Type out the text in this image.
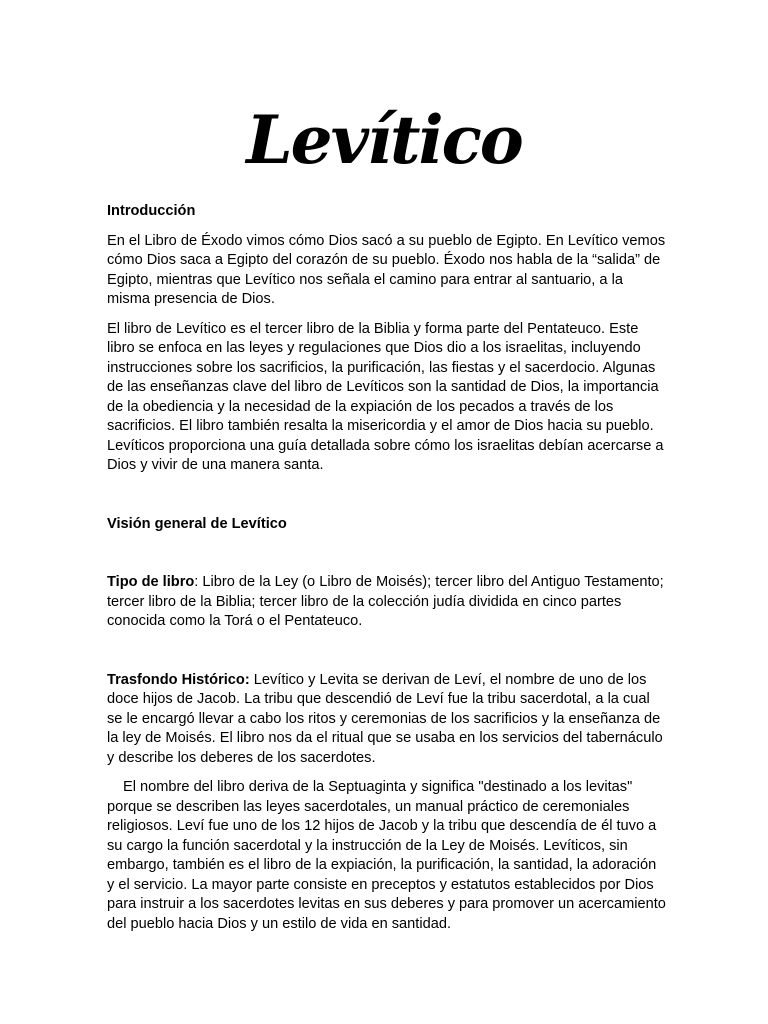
Levítico

Introducción

En el Libro de Éxodo vimos cómo Dios sacó a su pueblo de Egipto. En Levítico vemos cómo Dios saca a Egipto del corazón de su pueblo. Éxodo nos habla de la “salida” de Egipto, mientras que Levítico nos señala el camino para entrar al santuario, a la misma presencia de Dios.

El libro de Levítico es el tercer libro de la Biblia y forma parte del Pentateuco. Este libro se enfoca en las leyes y regulaciones que Dios dio a los israelitas, incluyendo instrucciones sobre los sacrificios, la purificación, las fiestas y el sacerdocio. Algunas de las enseñanzas clave del libro de Levíticos son la santidad de Dios, la importancia de la obediencia y la necesidad de la expiación de los pecados a través de los sacrificios. El libro también resalta la misericordia y el amor de Dios hacia su pueblo. Levíticos proporciona una guía detallada sobre cómo los israelitas debían acercarse a Dios y vivir de una manera santa.

Visión general de Levítico

Tipo de libro: Libro de la Ley (o Libro de Moisés); tercer libro del Antiguo Testamento; tercer libro de la Biblia; tercer libro de la colección judía dividida en cinco partes conocida como la Torá o el Pentateuco.

Trasfondo Histórico: Levítico y Levita se derivan de Leví, el nombre de uno de los doce hijos de Jacob. La tribu que descendió de Leví fue la tribu sacerdotal, a la cual se le encargó llevar a cabo los ritos y ceremonias de los sacrificios y la enseñanza de la ley de Moisés. El libro nos da el ritual que se usaba en los servicios del tabernáculo y describe los deberes de los sacerdotes.

El nombre del libro deriva de la Septuaginta y significa "destinado a los levitas" porque se describen las leyes sacerdotales, un manual práctico de ceremoniales religiosos. Leví fue uno de los 12 hijos de Jacob y la tribu que descendía de él tuvo a su cargo la función sacerdotal y la instrucción de la Ley de Moisés. Levíticos, sin embargo, también es el libro de la expiación, la purificación, la santidad, la adoración y el servicio. La mayor parte consiste en preceptos y estatutos establecidos por Dios para instruir a los sacerdotes levitas en sus deberes y para promover un acercamiento del pueblo hacia Dios y un estilo de vida en santidad.
